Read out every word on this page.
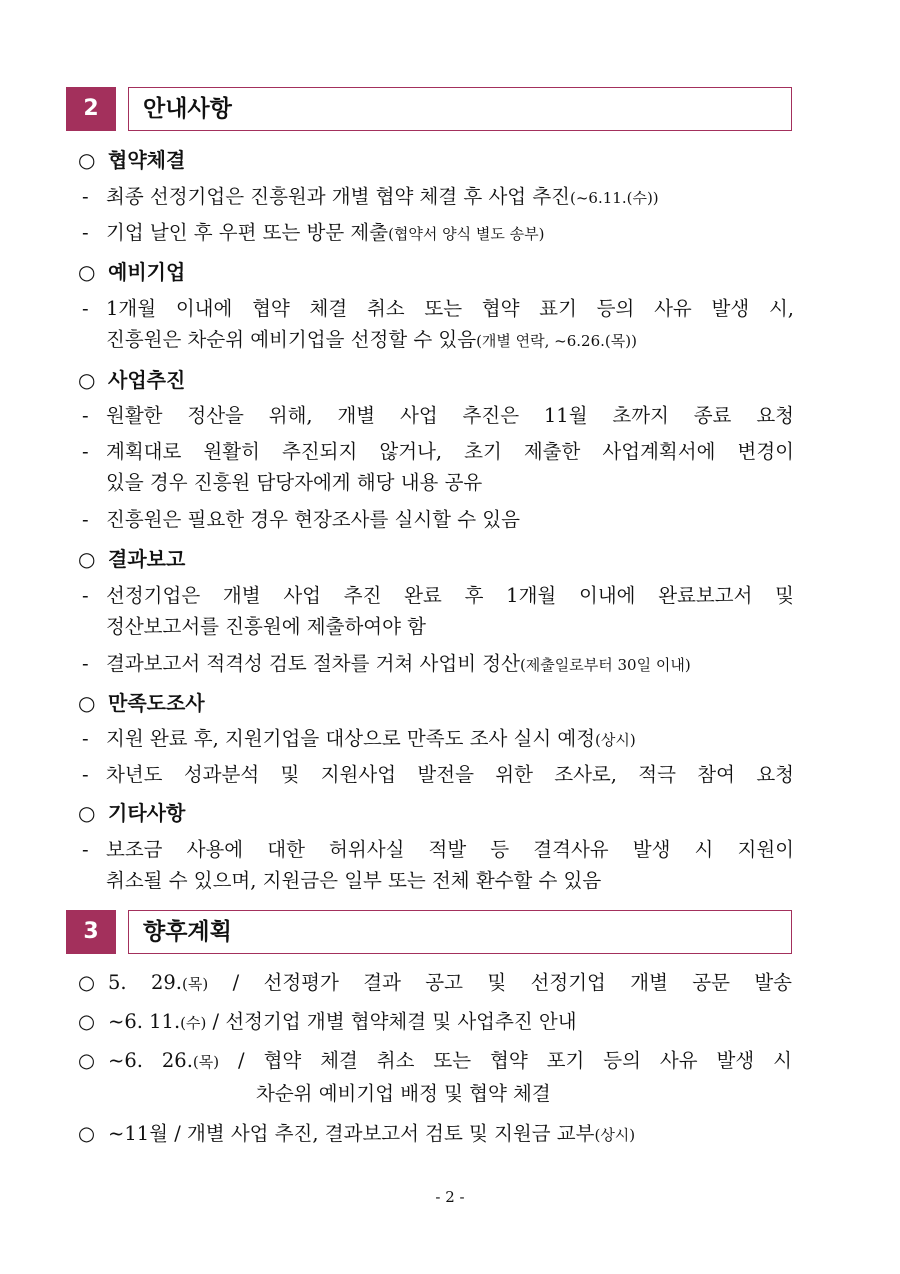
2	안내사항
○ 협약체결
- 최종 선정기업은 진흥원과 개별 협약 체결 후 사업 추진(~6.11.(수))
- 기업 날인 후 우편 또는 방문 제출(협약서 양식 별도 송부)
○ 예비기업
- 1개월 이내에 협약 체결 취소 또는 협약 표기 등의 사유 발생 시,
진흥원은 차순위 예비기업을 선정할 수 있음(개별 연락, ~6.26.(목))
○ 사업추진
- 원활한 정산을 위해, 개별 사업 추진은 11월 초까지 종료 요청
- 계획대로 원활히 추진되지 않거나, 초기 제출한 사업계획서에 변경이
있을 경우 진흥원 담당자에게 해당 내용 공유
- 진흥원은 필요한 경우 현장조사를 실시할 수 있음
○ 결과보고
- 선정기업은 개별 사업 추진 완료 후 1개월 이내에 완료보고서 및
정산보고서를 진흥원에 제출하여야 함
- 결과보고서 적격성 검토 절차를 거쳐 사업비 정산(제출일로부터 30일 이내)
○ 만족도조사
- 지원 완료 후, 지원기업을 대상으로 만족도 조사 실시 예정(상시)
- 차년도 성과분석 및 지원사업 발전을 위한 조사로, 적극 참여 요청
○ 기타사항
- 보조금 사용에 대한 허위사실 적발 등 결격사유 발생 시 지원이
취소될 수 있으며, 지원금은 일부 또는 전체 환수할 수 있음
3	향후계획
○ 5. 29.(목) / 선정평가 결과 공고 및 선정기업 개별 공문 발송
○ ~6. 11.(수) / 선정기업 개별 협약체결 및 사업추진 안내
○ ~6. 26.(목) / 협약 체결 취소 또는 협약 포기 등의 사유 발생 시
차순위 예비기업 배정 및 협약 체결
○ ~11월 / 개별 사업 추진, 결과보고서 검토 및 지원금 교부(상시)
- 2 -
